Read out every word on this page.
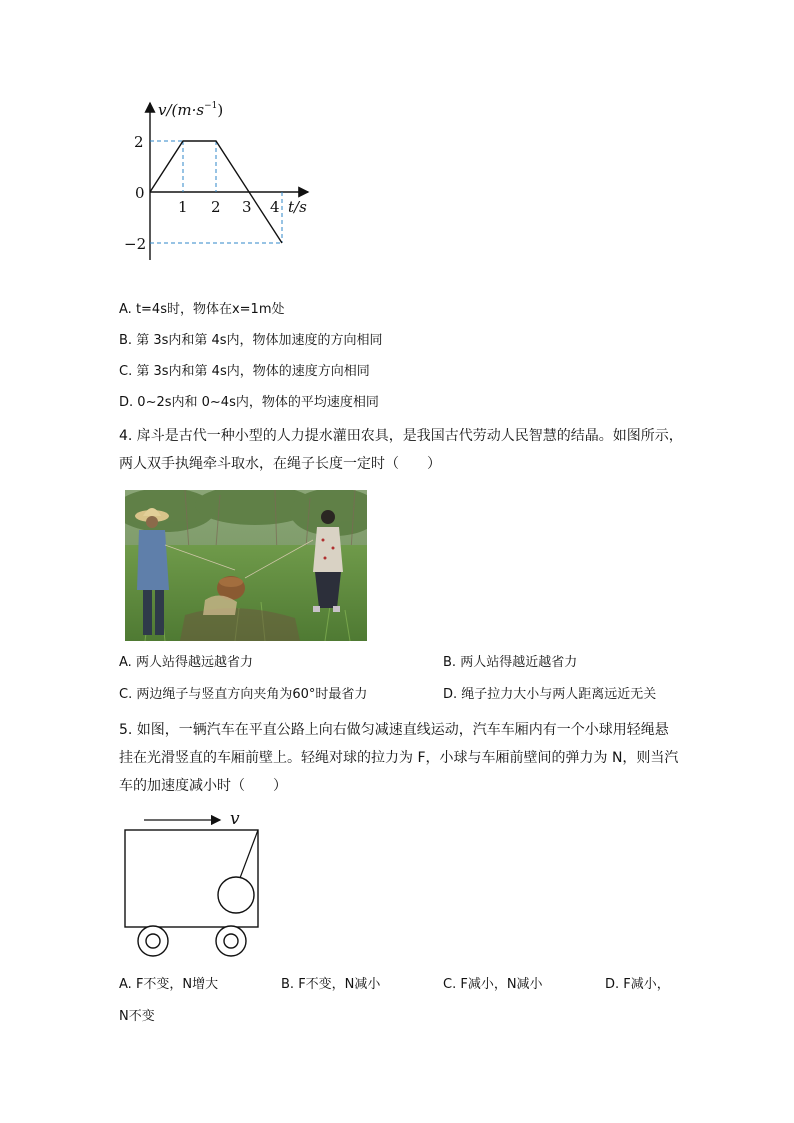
$v/(m\cdot s^{-1})$
2
0
−2
1 2 3 4 t/s
A. t=4s时，物体在x=1m处
B. 第 3s内和第 4s内，物体加速度的方向相同
C. 第 3s内和第 4s内，物体的速度方向相同
D. 0~2s内和 0~4s内，物体的平均速度相同
4. 戽斗是古代一种小型的人力提水灌田农具，是我国古代劳动人民智慧的结晶。如图所示，
两人双手执绳牵斗取水，在绳子长度一定时（　　）
A. 两人站得越远越省力	B. 两人站得越近越省力
C. 两边绳子与竖直方向夹角为60°时最省力	D. 绳子拉力大小与两人距离远近无关
5. 如图，一辆汽车在平直公路上向右做匀减速直线运动，汽车车厢内有一个小球用轻绳悬
挂在光滑竖直的车厢前壁上。轻绳对球的拉力为 F，小球与车厢前壁间的弹力为 N，则当汽
车的加速度减小时（　　）
v
A. F不变，N增大	B. F不变，N减小	C. F减小，N减小	D. F减小，
N不变
